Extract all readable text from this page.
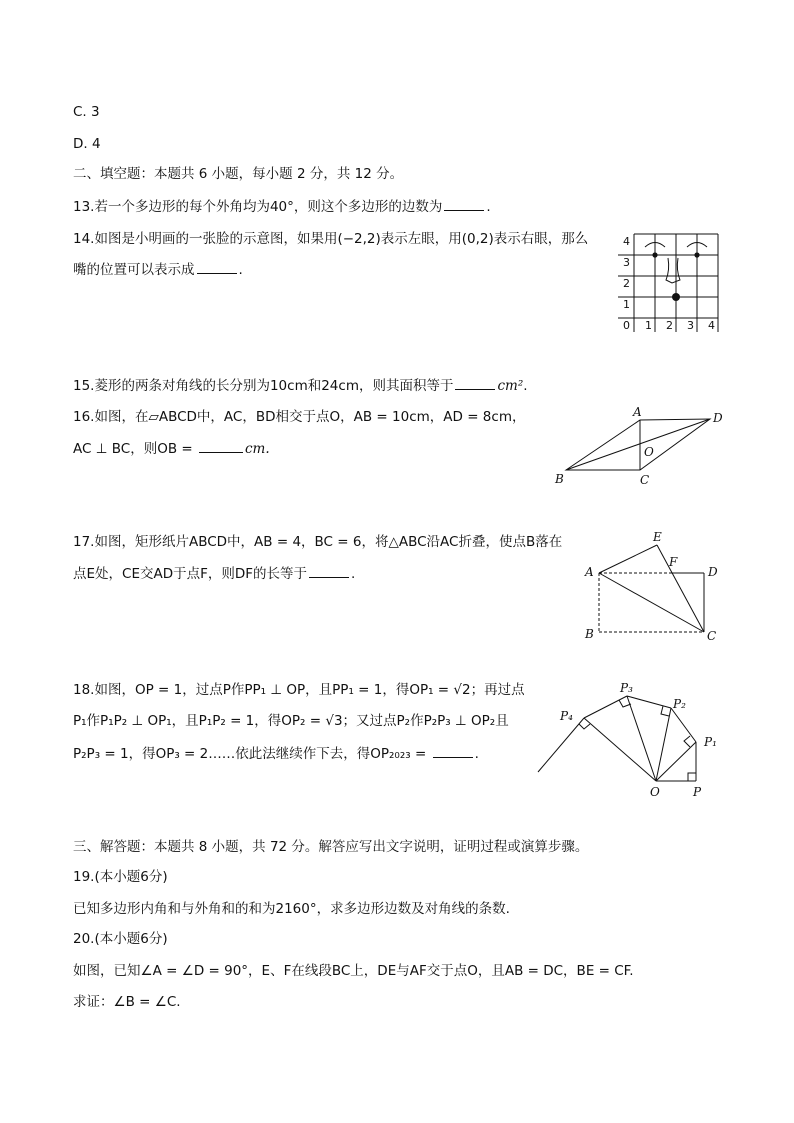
C. 3
D. 4
二、填空题：本题共 6 小题，每小题 2 分，共 12 分。
13.若一个多边形的每个外角均为40°，则这个多边形的边数为	.
14.如图是小明画的一张脸的示意图，如果用(−2,2)表示左眼，用(0,2)表示右眼，那么
嘴的位置可以表示成	.
4
3
2
1
0 1 2 3 4
15.菱形的两条对角线的长分别为10cm和24cm，则其面积等于	cm².
16.如图，在▱ABCD中，AC，BD相交于点O，AB = 10cm，AD = 8cm，
AC ⊥ BC，则OB =	cm.
A
B	C
D
O
17.如图，矩形纸片ABCD中，AB = 4，BC = 6，将△ABC沿AC折叠，使点B落在
点E处，CE交AD于点F，则DF的长等于	.	A
B	C
D
E
F
18.如图，OP = 1，过点P作PP₁ ⊥ OP，且PP₁ = 1，得OP₁ = √2；再过点
P₁作P₁P₂ ⊥ OP₁，且P₁P₂ = 1，得OP₂ = √3；又过点P₂作P₂P₃ ⊥ OP₂且
P₂P₃ = 1，得OP₃ = 2……依此法继续作下去，得OP₂₀₂₃ =	.
O	P
P₁
P₂
P₃
P₄
三、解答题：本题共 8 小题，共 72 分。解答应写出文字说明，证明过程或演算步骤。
19.(本小题6分)
已知多边形内角和与外角和的和为2160°，求多边形边数及对角线的条数.
20.(本小题6分)
如图，已知∠A = ∠D = 90°，E、F在线段BC上，DE与AF交于点O，且AB = DC，BE = CF.
求证：∠B = ∠C.
